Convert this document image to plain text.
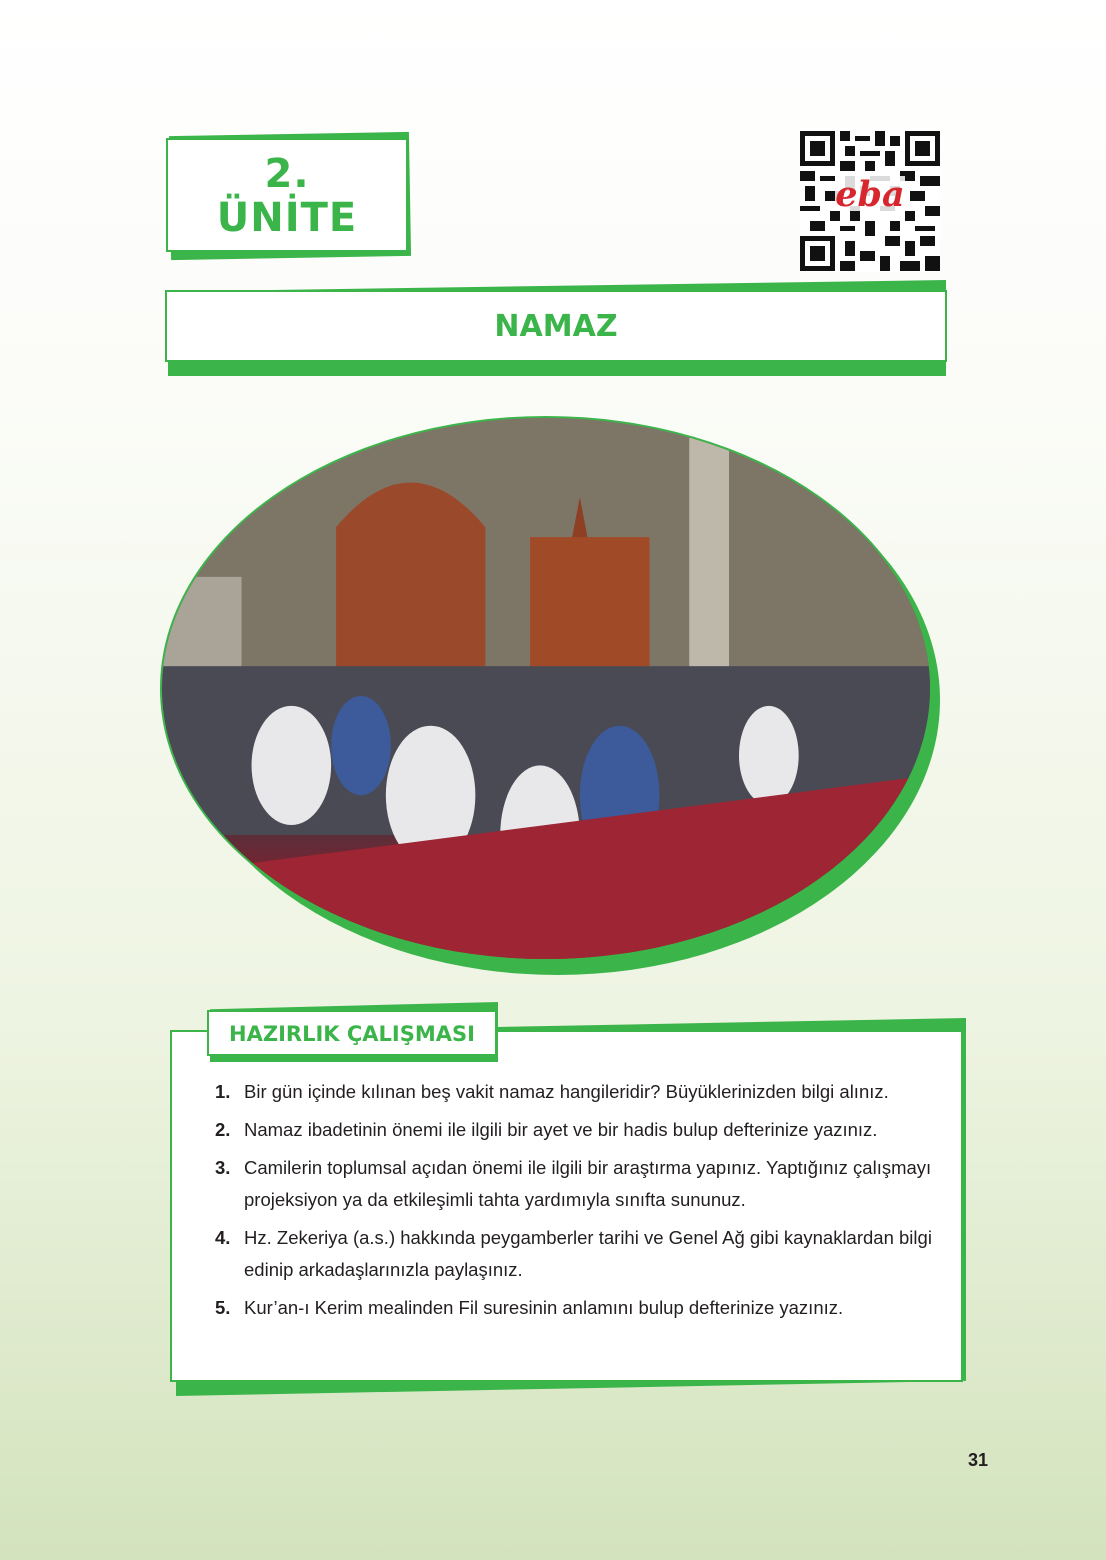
2.
ÜNİTE
eba
NAMAZ
HAZIRLIK ÇALIŞMASI
1. Bir gün içinde kılınan beş vakit namaz hangileridir? Büyüklerinizden bilgi alınız.
2. Namaz ibadetinin önemi ile ilgili bir ayet ve bir hadis bulup defterinize yazınız.
3. Camilerin toplumsal açıdan önemi ile ilgili bir araştırma yapınız. Yaptığınız çalışmayı projeksiyon ya da etkileşimli tahta yardımıyla sınıfta sununuz.
4. Hz. Zekeriya (a.s.) hakkında peygamberler tarihi ve Genel Ağ gibi kaynaklardan bilgi edinip arkadaşlarınızla paylaşınız.
5. Kur’an-ı Kerim mealinden Fil suresinin anlamını bulup defterinize yazınız.
31
